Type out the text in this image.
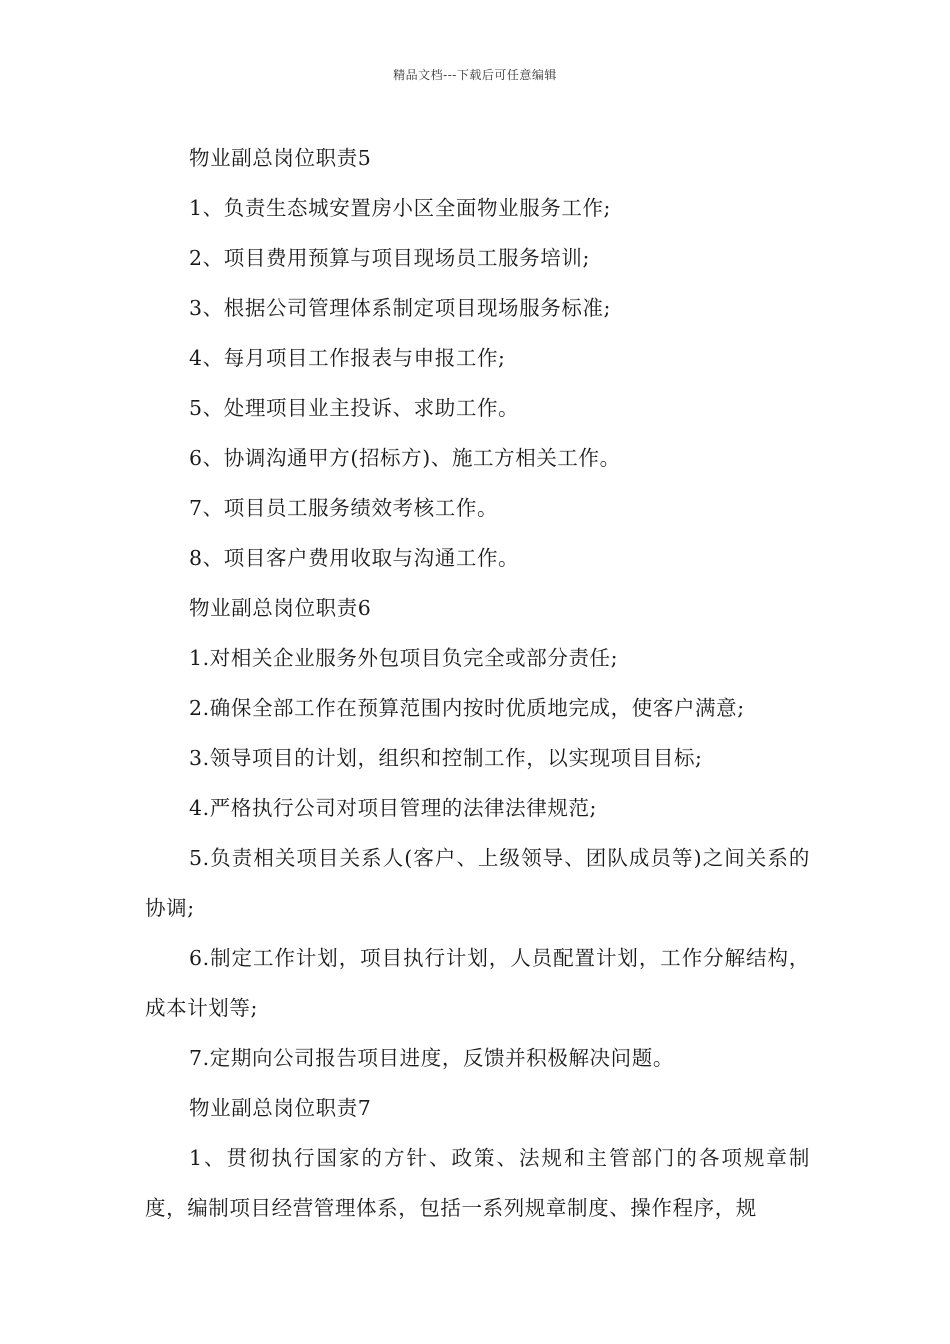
精品文档---下载后可任意编辑

物业副总岗位职责5

1、负责生态城安置房小区全面物业服务工作;

2、项目费用预算与项目现场员工服务培训;

3、根据公司管理体系制定项目现场服务标准;

4、每月项目工作报表与申报工作;

5、处理项目业主投诉、求助工作。

6、协调沟通甲方(招标方)、施工方相关工作。

7、项目员工服务绩效考核工作。

8、项目客户费用收取与沟通工作。

物业副总岗位职责6

1.对相关企业服务外包项目负完全或部分责任;

2.确保全部工作在预算范围内按时优质地完成，使客户满意;

3.领导项目的计划，组织和控制工作，以实现项目目标;

4.严格执行公司对项目管理的法律法律规范;

5.负责相关项目关系人(客户、上级领导、团队成员等)之间关系的协调;

6.制定工作计划，项目执行计划，人员配置计划，工作分解结构，成本计划等;

7.定期向公司报告项目进度，反馈并积极解决问题。

物业副总岗位职责7

1、贯彻执行国家的方针、政策、法规和主管部门的各项规章制度，编制项目经营管理体系，包括一系列规章制度、操作程序，规
